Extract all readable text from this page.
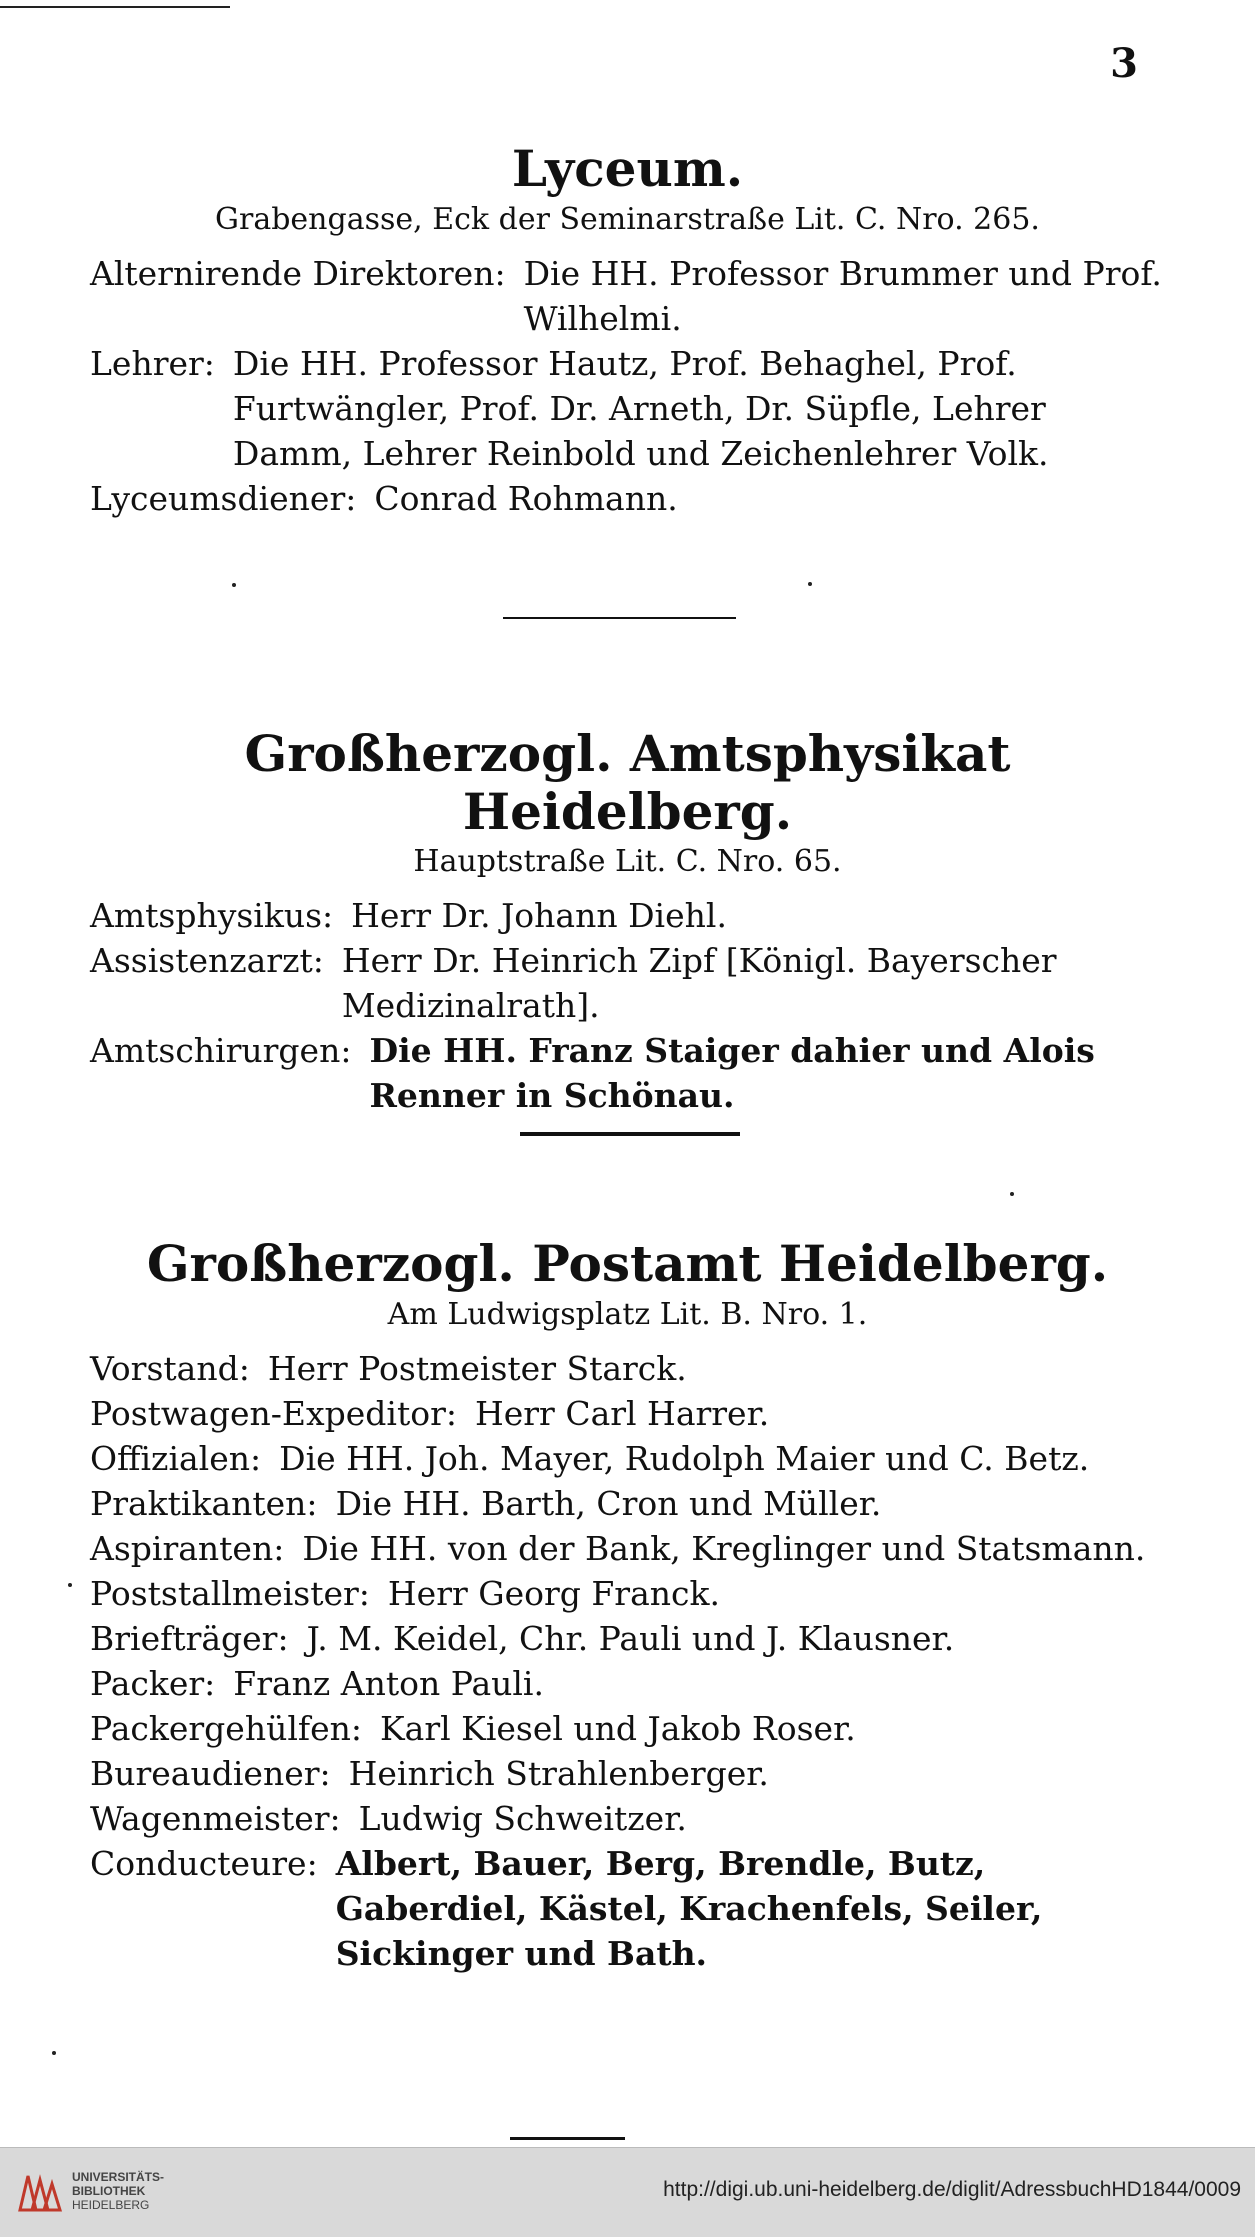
3
Lyceum.
Grabengasse, Eck der Seminarstraße Lit. C. Nro. 265.
Alternirende Direktoren: Die HH. Professor Brummer und Prof. Wilhelmi.
Lehrer: Die HH. Professor Hautz, Prof. Behaghel, Prof. Furtwängler, Prof. Dr. Arneth, Dr. Süpfle, Lehrer Damm, Lehrer Reinbold und Zeichenlehrer Volk.
Lyceumsdiener: Conrad Rohmann.
Großherzogl. Amtsphysikat Heidelberg.
Hauptstraße Lit. C. Nro. 65.
Amtsphysikus: Herr Dr. Johann Diehl.
Assistenzarzt: Herr Dr. Heinrich Zipf [Königl. Bayerscher Medizinalrath].
Amtschirurgen: Die HH. Franz Staiger dahier und Alois Renner in Schönau.
Großherzogl. Postamt Heidelberg.
Am Ludwigsplatz Lit. B. Nro. 1.
Vorstand: Herr Postmeister Starck.
Postwagen-Expeditor: Herr Carl Harrer.
Offizialen: Die HH. Joh. Mayer, Rudolph Maier und C. Betz.
Praktikanten: Die HH. Barth, Cron und Müller.
Aspiranten: Die HH. von der Bank, Kreglinger und Statsmann.
Poststallmeister: Herr Georg Franck.
Briefträger: J. M. Keidel, Chr. Pauli und J. Klausner.
Packer: Franz Anton Pauli.
Packergehülfen: Karl Kiesel und Jakob Roser.
Bureaudiener: Heinrich Strahlenberger.
Wagenmeister: Ludwig Schweitzer.
Conducteure: Albert, Bauer, Berg, Brendle, Butz, Gaberdiel, Kästel, Krachenfels, Seiler, Sickinger und Bath.
UNIVERSITÄTS-
BIBLIOTHEK
HEIDELBERG
http://digi.ub.uni-heidelberg.de/diglit/AdressbuchHD1844/0009
